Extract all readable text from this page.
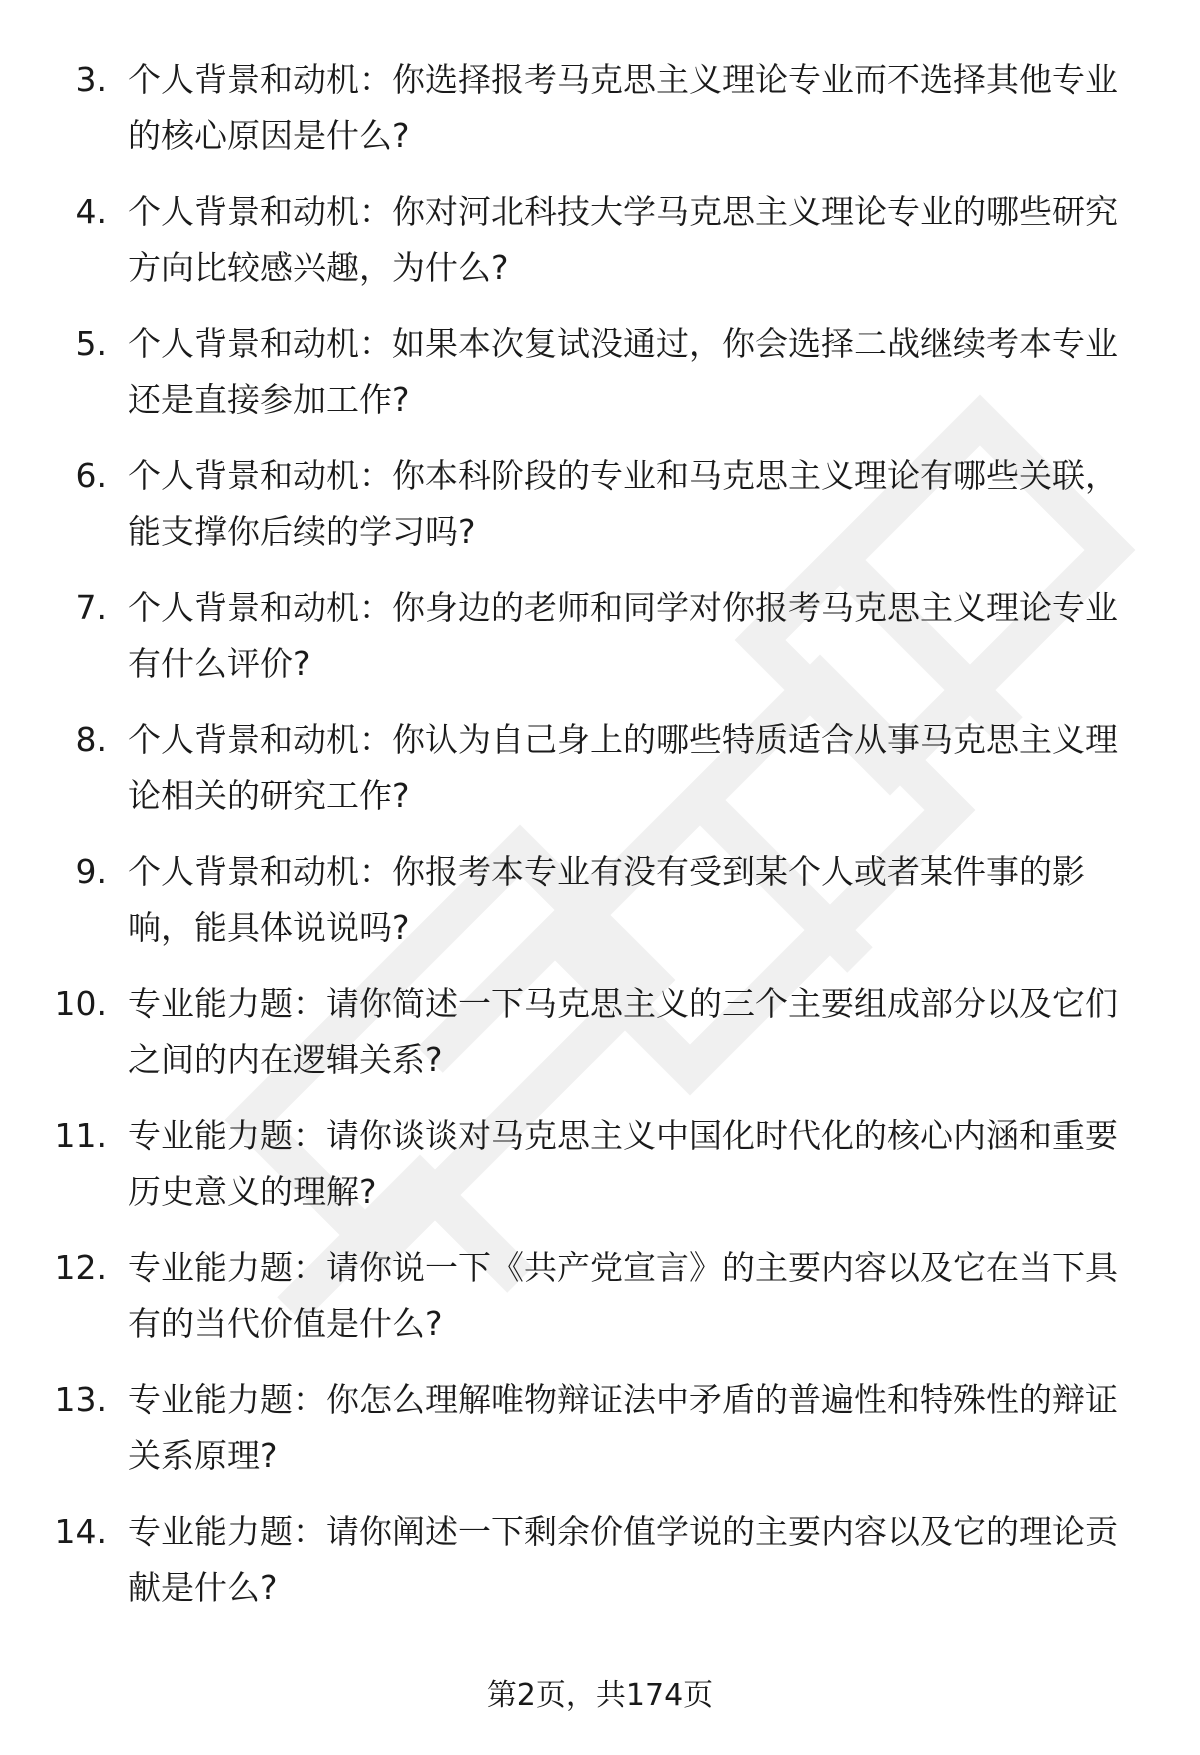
3. 个人背景和动机：你选择报考马克思主义理论专业而不选择其他专业的核心原因是什么?
4. 个人背景和动机：你对河北科技大学马克思主义理论专业的哪些研究方向比较感兴趣，为什么?
5. 个人背景和动机：如果本次复试没通过，你会选择二战继续考本专业还是直接参加工作?
6. 个人背景和动机：你本科阶段的专业和马克思主义理论有哪些关联，能支撑你后续的学习吗?
7. 个人背景和动机：你身边的老师和同学对你报考马克思主义理论专业有什么评价?
8. 个人背景和动机：你认为自己身上的哪些特质适合从事马克思主义理论相关的研究工作?
9. 个人背景和动机：你报考本专业有没有受到某个人或者某件事的影响，能具体说说吗?
10. 专业能力题：请你简述一下马克思主义的三个主要组成部分以及它们之间的内在逻辑关系?
11. 专业能力题：请你谈谈对马克思主义中国化时代化的核心内涵和重要历史意义的理解?
12. 专业能力题：请你说一下《共产党宣言》的主要内容以及它在当下具有的当代价值是什么?
13. 专业能力题：你怎么理解唯物辩证法中矛盾的普遍性和特殊性的辩证关系原理?
14. 专业能力题：请你阐述一下剩余价值学说的主要内容以及它的理论贡献是什么?
第2页，共174页
